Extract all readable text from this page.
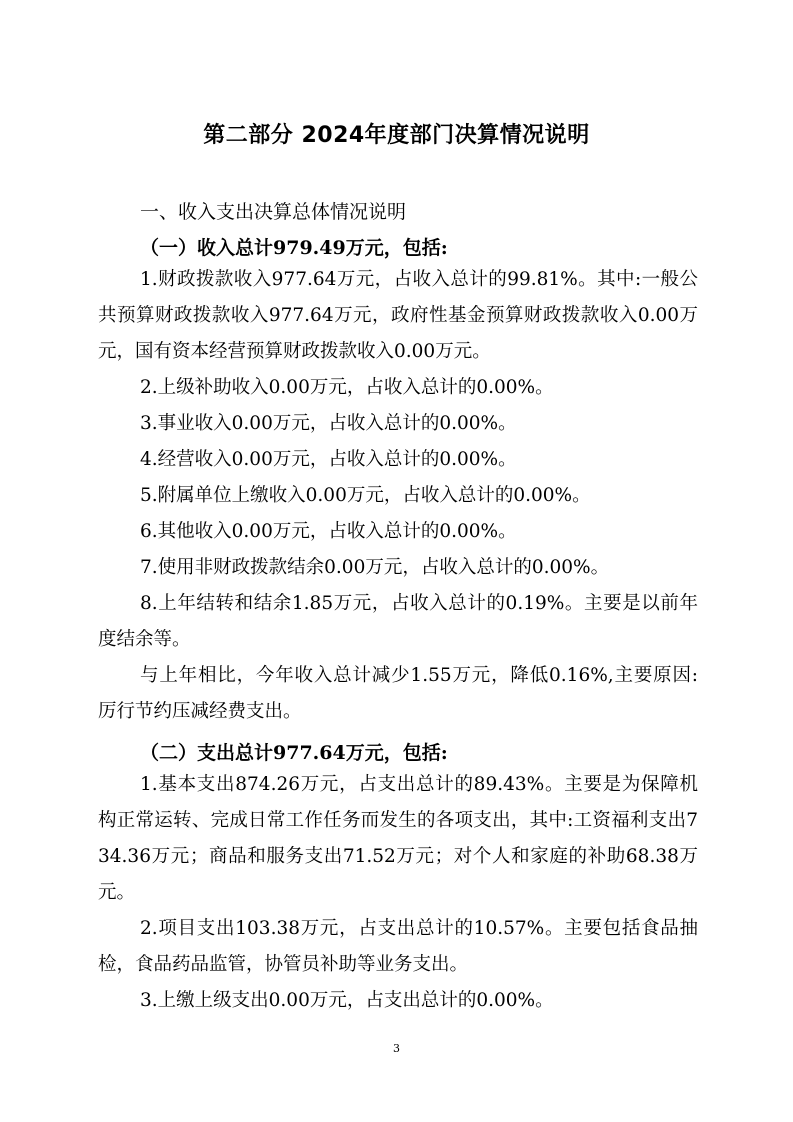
第二部分 2024年度部门决算情况说明
一、收入支出决算总体情况说明
（一）收入总计979.49万元，包括:

1.财政拨款收入977.64万元，占收入总计的99.81%。其中:一般公共预算财政拨款收入977.64万元，政府性基金预算财政拨款收入0.00万元，国有资本经营预算财政拨款收入0.00万元。

2.上级补助收入0.00万元，占收入总计的0.00%。

3.事业收入0.00万元，占收入总计的0.00%。

4.经营收入0.00万元，占收入总计的0.00%。

5.附属单位上缴收入0.00万元，占收入总计的0.00%。

6.其他收入0.00万元，占收入总计的0.00%。

7.使用非财政拨款结余0.00万元，占收入总计的0.00%。

8.上年结转和结余1.85万元，占收入总计的0.19%。主要是以前年度结余等。

与上年相比，今年收入总计减少1.55万元，降低0.16%,主要原因: 厉行节约压减经费支出。

（二）支出总计977.64万元，包括:

1.基本支出874.26万元，占支出总计的89.43%。主要是为保障机构正常运转、完成日常工作任务而发生的各项支出，其中:工资福利支出734.36万元；商品和服务支出71.52万元；对个人和家庭的补助68.38万元。

2.项目支出103.38万元，占支出总计的10.57%。主要包括食品抽检，食品药品监管，协管员补助等业务支出。

3.上缴上级支出0.00万元，占支出总计的0.00%。

3
